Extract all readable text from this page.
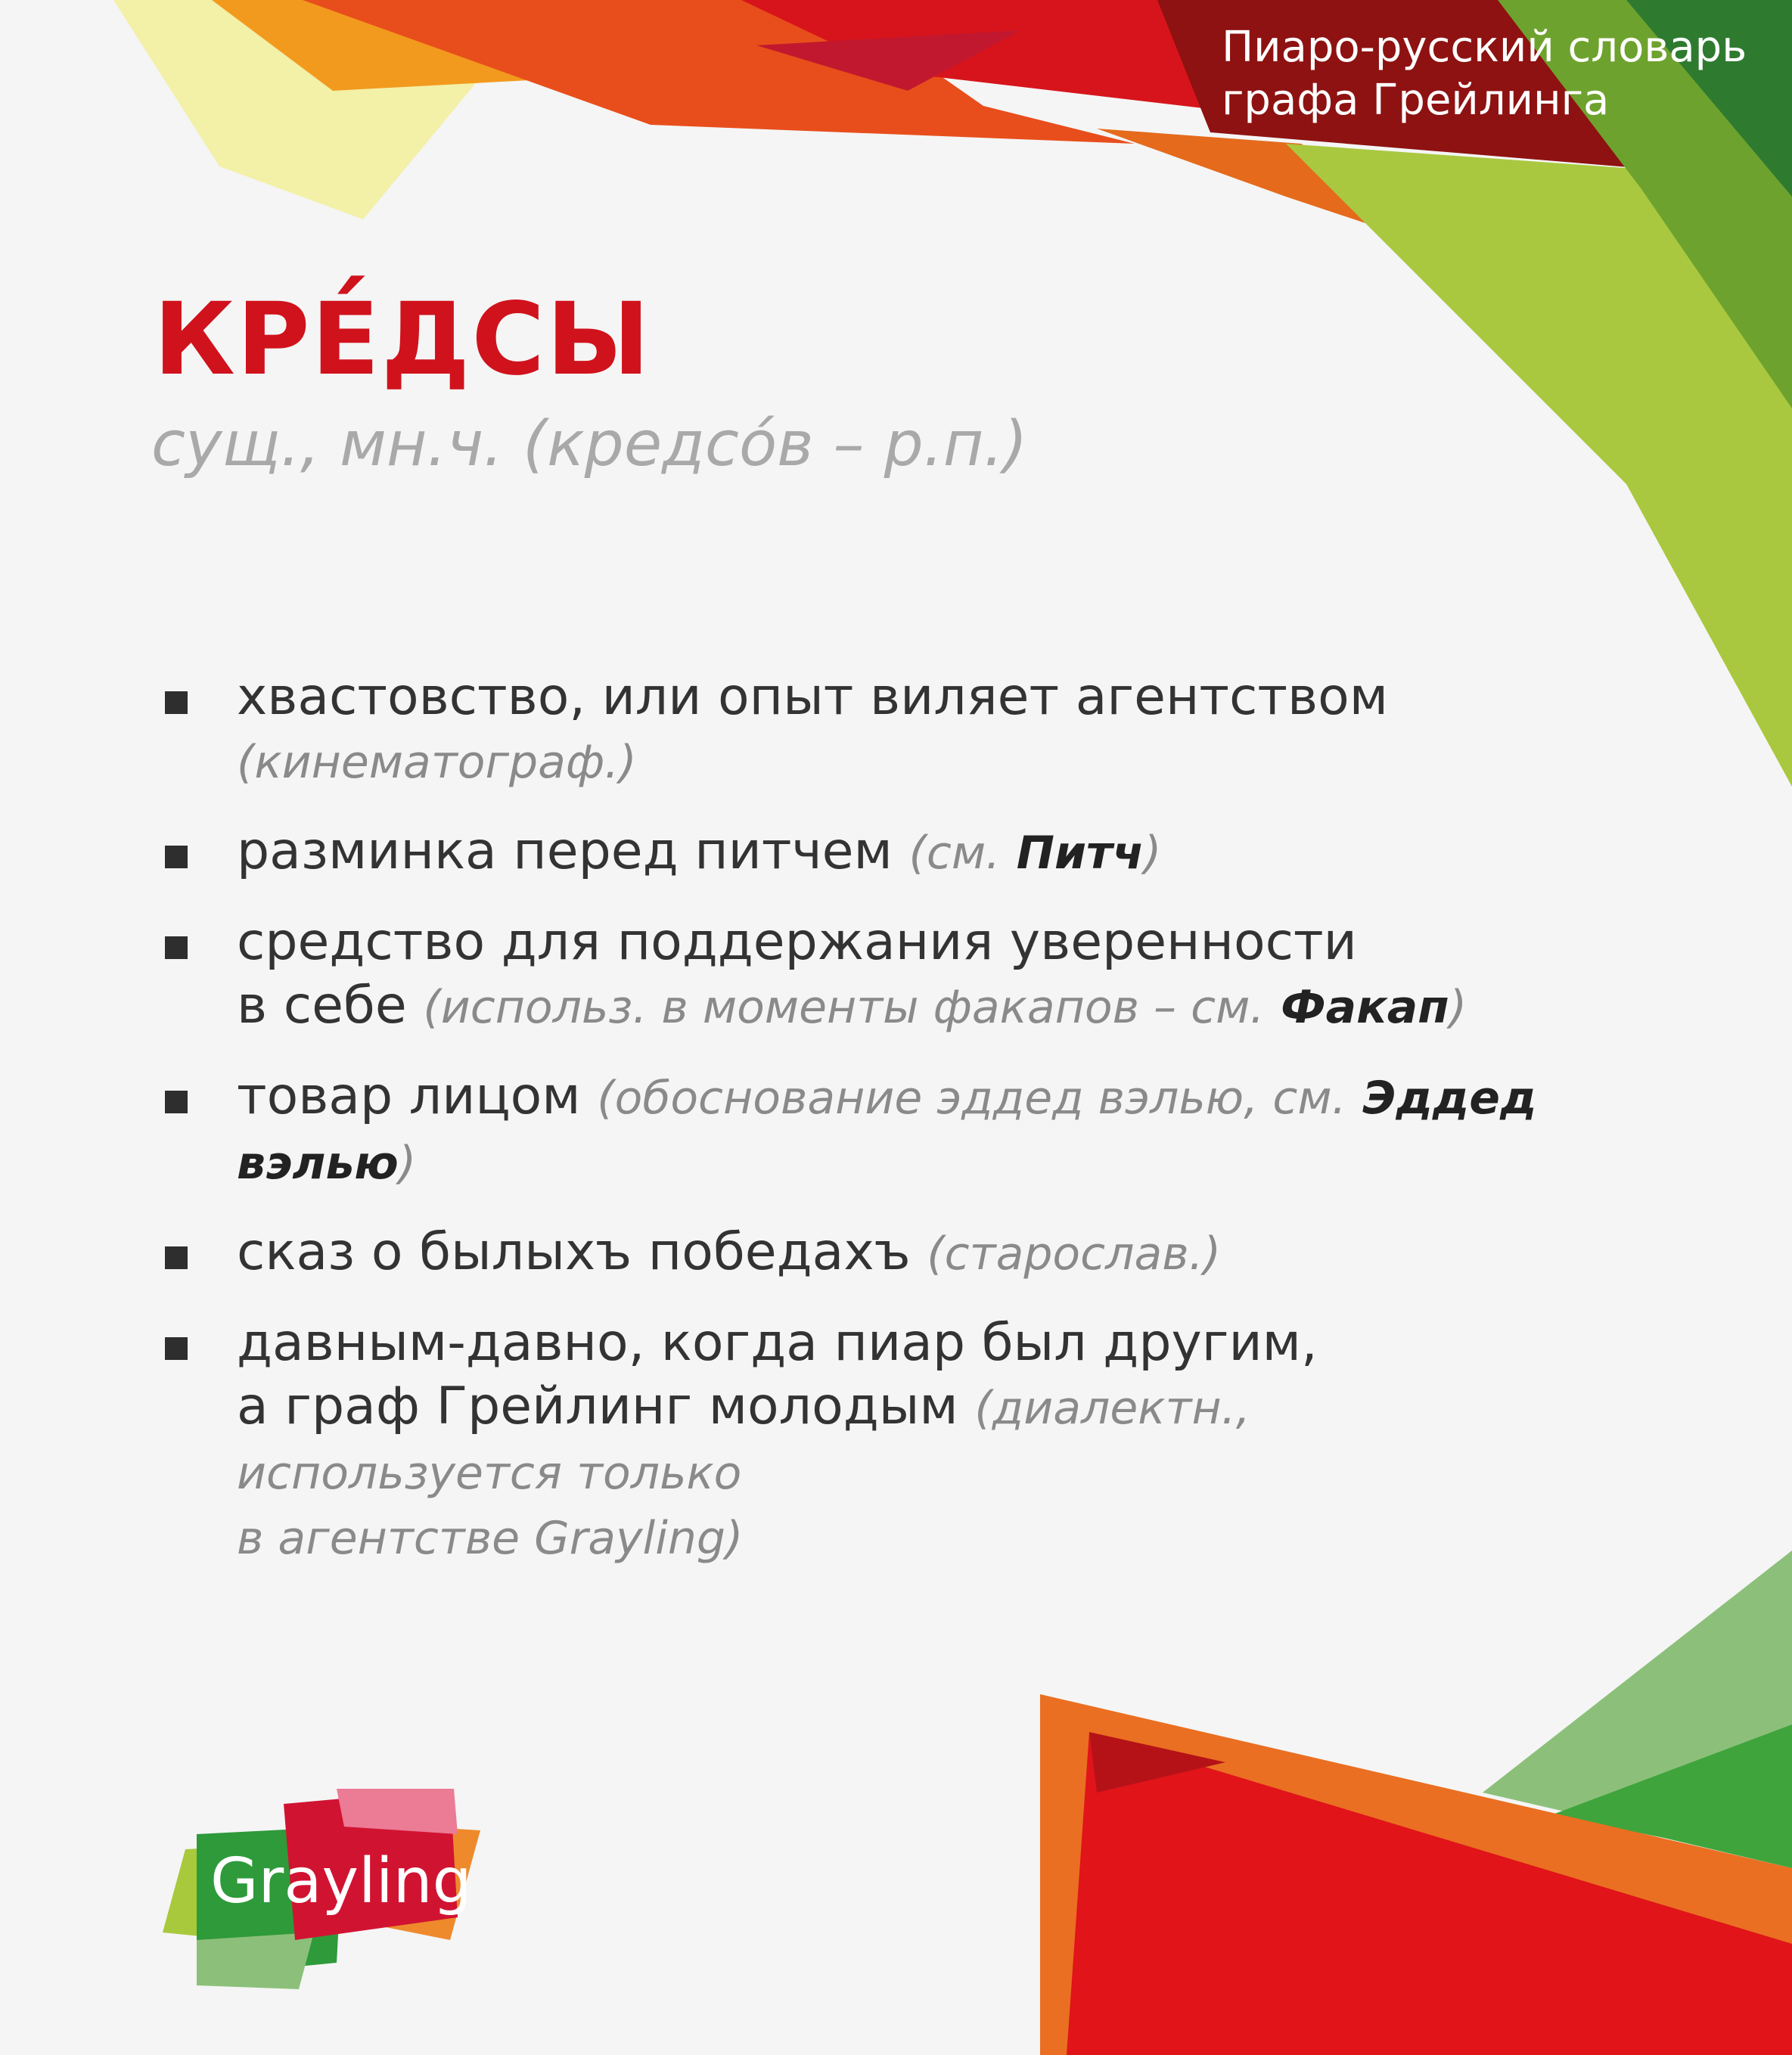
Пиаро-русский словарь
графа Грейлинга
КРЕ́ДСЫ
сущ., мн.ч. (кредсо́в – р.п.)
хвастовство, или опыт виляет агентством
(кинематограф.)
разминка перед питчем (см. Питч)
средство для поддержания уверенности
в себе (использ. в моменты факапов – см. Факап)
товар лицом (обоснование эддед вэлью, см. Эддед
вэлью)
сказ о былыхъ победахъ (старослав.)
давным-давно, когда пиар был другим,
а граф Грейлинг молодым (диалектн.,
используется только
в агентстве Grayling)
Grayling
